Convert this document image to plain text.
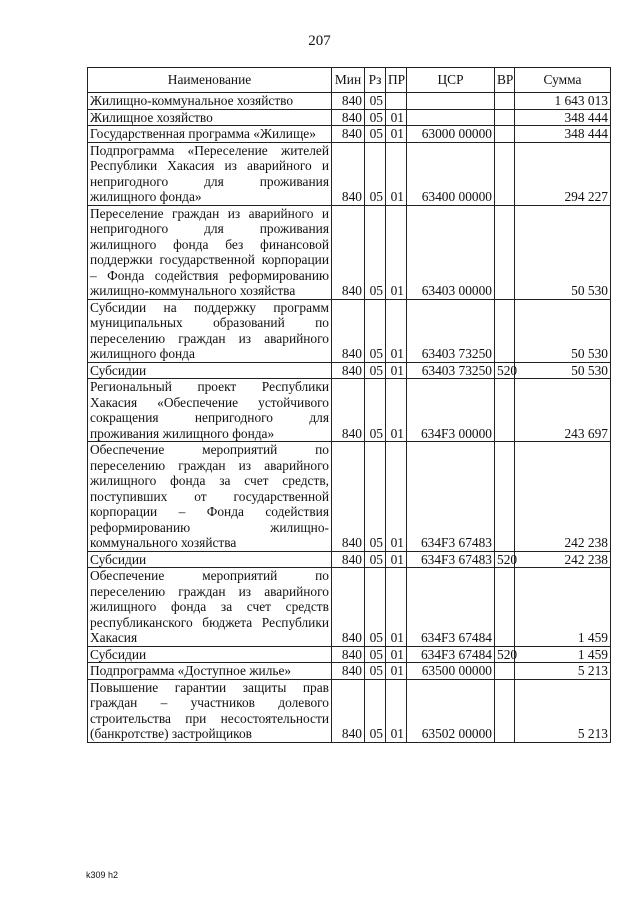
207
Наименование	Мин	Рз	ПР	ЦСР	ВР	Сумма
Жилищно-коммунальное хозяйство	840	05				1 643 013
Жилищное хозяйство	840	05	01			348 444
Государственная программа «Жилище»	840	05	01	63000 00000		348 444
Подпрограмма «Переселение жителей Республики Хакасия из аварийного и непригодного для проживания жилищного фонда»	840	05	01	63400 00000		294 227
Переселение граждан из аварийного и непригодного для проживания жилищного фонда без финансовой поддержки государственной корпорации – Фонда содействия реформированию жилищно-коммунального хозяйства	840	05	01	63403 00000		50 530
Субсидии на поддержку программ муниципальных образований по переселению граждан из аварийного жилищного фонда	840	05	01	63403 73250		50 530
Субсидии	840	05	01	63403 73250	520	50 530
Региональный проект Республики Хакасия «Обеспечение устойчивого сокращения непригодного для проживания жилищного фонда»	840	05	01	634F3 00000		243 697
Обеспечение мероприятий по переселению граждан из аварийного жилищного фонда за счет средств, поступивших от государственной корпорации – Фонда содействия реформированию жилищно-коммунального хозяйства	840	05	01	634F3 67483		242 238
Субсидии	840	05	01	634F3 67483	520	242 238
Обеспечение мероприятий по переселению граждан из аварийного жилищного фонда за счет средств республиканского бюджета Республики Хакасия	840	05	01	634F3 67484		1 459
Субсидии	840	05	01	634F3 67484	520	1 459
Подпрограмма «Доступное жилье»	840	05	01	63500 00000		5 213
Повышение гарантии защиты прав граждан – участников долевого строительства при несостоятельности (банкротстве) застройщиков	840	05	01	63502 00000		5 213
k309 h2
